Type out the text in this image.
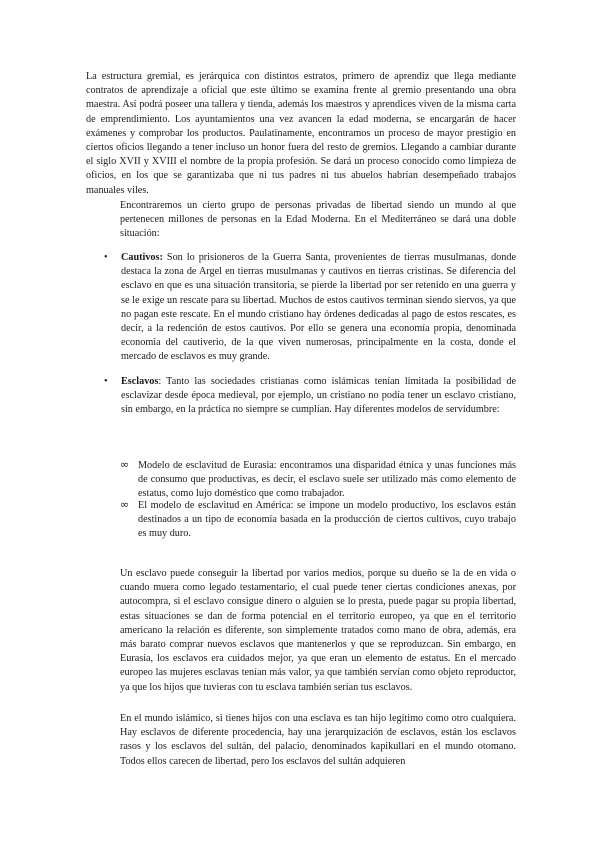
La estructura gremial, es jerárquica con distintos estratos, primero de aprendiz que llega mediante contratos de aprendizaje a oficial que este último se examina frente al gremio presentando una obra maestra. Así podrá poseer una tallera y tienda, además los maestros y aprendices viven de la misma carta de emprendimiento. Los ayuntamientos una vez avancen la edad moderna, se encargarán de hacer exámenes y comprobar los productos. Paulatinamente, encontramos un proceso de mayor prestigio en ciertos oficios llegando a tener incluso un honor fuera del resto de gremios. Llegando a cambiar durante el siglo XVII y XVIII el nombre de la propia profesión. Se dará un proceso conocido como limpieza de oficios, en los que se garantizaba que ni tus padres ni tus abuelos habrían desempeñado trabajos manuales viles.

Encontraremos un cierto grupo de personas privadas de libertad siendo un mundo al que pertenecen millones de personas en la Edad Moderna. En el Mediterráneo se dará una doble situación:

• Cautivos: Son lo prisioneros de la Guerra Santa, provenientes de tierras musulmanas, donde destaca la zona de Argel en tierras musulmanas y cautivos en tierras cristinas. Se diferencia del esclavo en que es una situación transitoria, se pierde la libertad por ser retenido en una guerra y se le exige un rescate para su libertad. Muchos de estos cautivos terminan siendo siervos, ya que no pagan este rescate. En el mundo cristiano hay órdenes dedicadas al pago de estos rescates, es decir, a la redención de estos cautivos. Por ello se genera una economía propia, denominada economía del cautiverio, de la que viven numerosas, principalmente en la costa, donde el mercado de esclavos es muy grande.

• Esclavos: Tanto las sociedades cristianas como islámicas tenían limitada la posibilidad de esclavizar desde época medieval, por ejemplo, un cristiano no podía tener un esclavo cristiano, sin embargo, en la práctica no siempre se cumplían. Hay diferentes modelos de servidumbre:

∞ Modelo de esclavitud de Eurasia: encontramos una disparidad étnica y unas funciones más de consumo que productivas, es decir, el esclavo suele ser utilizado más como elemento de estatus, como lujo doméstico que como trabajador.

∞ El modelo de esclavitud en América: se impone un modelo productivo, los esclavos están destinados a un tipo de economía basada en la producción de ciertos cultivos, cuyo trabajo es muy duro.

Un esclavo puede conseguir la libertad por varios medios, porque su dueño se la de en vida o cuando muera como legado testamentario, el cual puede tener ciertas condiciones anexas, por autocompra, si el esclavo consigue dinero o alguien se lo presta, puede pagar su propia libertad, estas situaciones se dan de forma potencial en el territorio europeo, ya que en el territorio americano la relación es diferente, son simplemente tratados como mano de obra, además, era más barato comprar nuevos esclavos que mantenerlos y que se reproduzcan. Sin embargo, en Eurasia, los esclavos era cuidados mejor, ya que eran un elemento de estatus. En el mercado europeo las mujeres esclavas tenían más valor, ya que también servían como objeto reproductor, ya que los hijos que tuvieras con tu esclava también serían tus esclavos.

En el mundo islámico, si tienes hijos con una esclava es tan hijo legítimo como otro cualquiera. Hay esclavos de diferente procedencia, hay una jerarquización de esclavos, están los esclavos rasos y los esclavos del sultán, del palacio, denominados kapikullari en el mundo otomano. Todos ellos carecen de libertad, pero los esclavos del sultán adquieren
